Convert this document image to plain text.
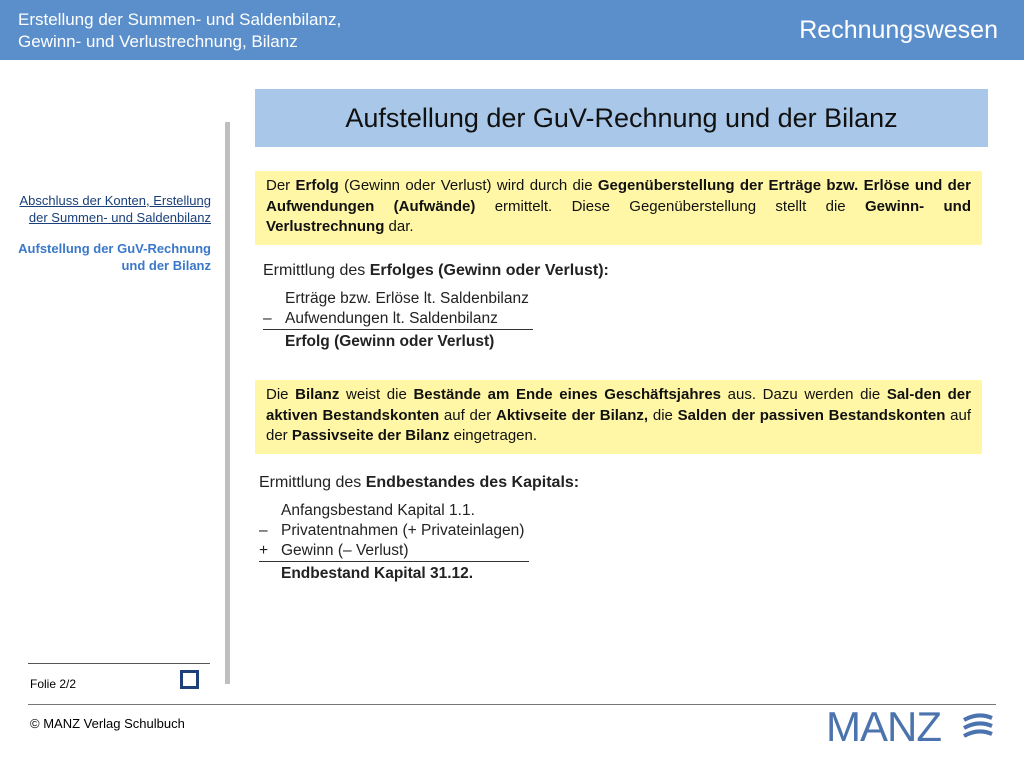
Erstellung der Summen- und Saldenbilanz,
Gewinn- und Verlustrechnung, Bilanz	Rechnungswesen
Abschluss der Konten, Erstellung der Summen- und Saldenbilanz
Aufstellung der GuV-Rechnung und der Bilanz
Aufstellung der GuV-Rechnung und der Bilanz
Der Erfolg (Gewinn oder Verlust) wird durch die Gegenüberstellung der Erträge bzw. Erlöse und der Aufwendungen (Aufwände) ermittelt. Diese Gegenüberstellung stellt die Gewinn- und Verlustrechnung dar.
Ermittlung des Erfolges (Gewinn oder Verlust):
Erträge bzw. Erlöse lt. Saldenbilanz
– Aufwendungen lt. Saldenbilanz
Erfolg (Gewinn oder Verlust)
Die Bilanz weist die Bestände am Ende eines Geschäftsjahres aus. Dazu werden die Sal-den der aktiven Bestandskonten auf der Aktivseite der Bilanz, die Salden der passiven Bestandskonten auf der Passivseite der Bilanz eingetragen.
Ermittlung des Endbestandes des Kapitals:
Anfangsbestand Kapital 1.1.
– Privatentnahmen (+ Privateinlagen)
+ Gewinn (– Verlust)
Endbestand Kapital 31.12.
Folie 2/2
© MANZ Verlag Schulbuch	MANZ
